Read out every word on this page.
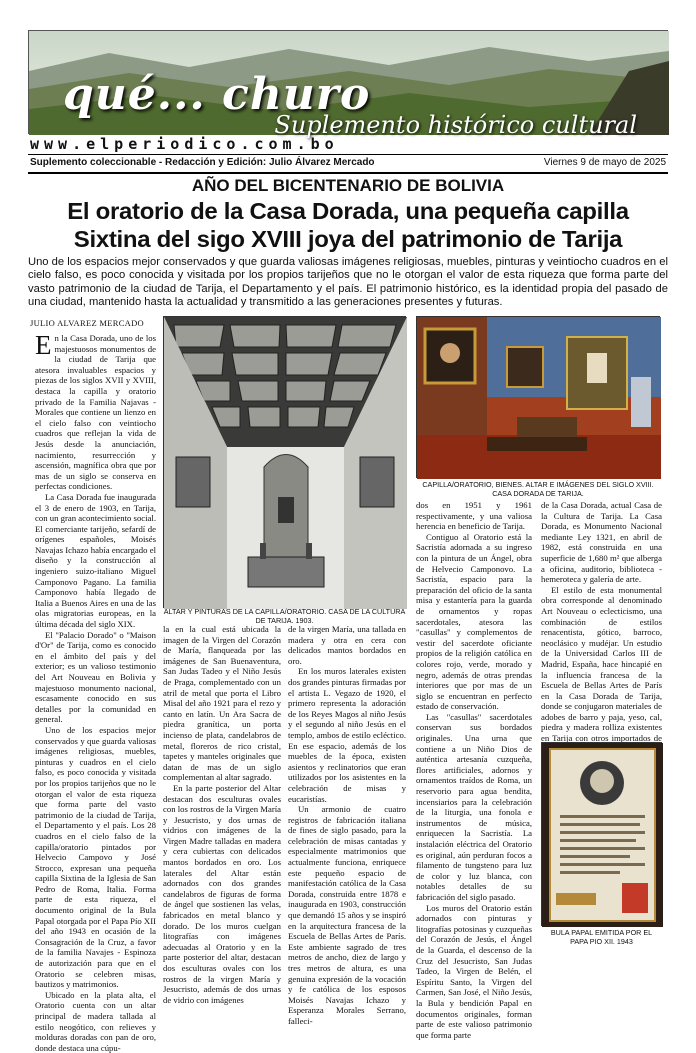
qué... churo
Suplemento histórico cultural
www.elperiodico.com.bo
Suplemento coleccionable - Redacción y Edición: Julio Álvarez Mercado	Viernes 9 de mayo de 2025
AÑO DEL BICENTENARIO DE BOLIVIA
El oratorio de la Casa Dorada, una pequeña capilla
Sixtina del sigo XVIII joya del patrimonio de Tarija
Uno de los espacios mejor conservados y que guarda valiosas imágenes religiosas, muebles, pinturas y veintiocho cuadros en el cielo falso, es poco conocida y visitada por los propios tarijeños que no le otorgan el valor de esta riqueza que forma parte del vasto patrimonio de la ciudad de Tarija, el Departamento y el país. El patrimonio histórico, es la identidad propia del pasado de una ciudad, mantenido hasta la actualidad y transmitido a las generaciones presentes y futuras.
JULIO ALVAREZ MERCADO

En la Casa Dorada, uno de los majestuosos monumentos de la ciudad de Tarija que atesora invaluables espacios y piezas de los siglos XVII y XVIII, destaca la capilla y oratorio privado de la Familia Najavas - Morales que contiene un lienzo en el cielo falso con veintiocho cuadros que reflejan la vida de Jesús desde la anunciación, nacimiento, resurrección y ascensión, magnífica obra que por mas de un siglo se conserva en perfectas condiciones.

La Casa Dorada fue inaugurada el 3 de enero de 1903, en Tarija, con un gran acontecimiento social. El comerciante tarijeño, sefardí de orígenes españoles, Moisés Navajas Ichazo había encargado el diseño y la construcción al ingeniero suizo-italiano Miguel Camponovo Pagano. La familia Camponovo había llegado de Italia a Buenos Aires en una de las olas migratorias europeas, en la última década del siglo XIX.

El "Palacio Dorado" o "Maison d'Or" de Tarija, como es conocido en el ámbito del país y del exterior; es un valioso testimonio del Art Nouveau en Bolivia y majestuoso monumento nacional, escasamente conocido en sus detalles por la comunidad en general.

Uno de los espacios mejor conservados y que guarda valiosas imágenes religiosas, muebles, pinturas y cuadros en el cielo falso, es poco conocida y visitada por los propios tarijeños que no le otorgan el valor de esta riqueza que forma parte del vasto patrimonio de la ciudad de Tarija, el Departamento y el país. Los 28 cuadros en el cielo falso de la capilla/oratorio pintados por Helvecio Campovo y José Strocco, expresan una pequeña capilla Sixtina de la Iglesia de San Pedro de Roma, Italia. Forma parte de esta riqueza, el documento original de la Bula Papal otorgada por el Papa Pío XII del año 1943 en ocasión de la Consagración de la Cruz, a favor de la familia Navajes - Espinoza de autorización para que en el Oratorio se celebren misas, bautizos y matrimonios.

Ubicado en la plata alta, el Oratorio cuenta con un altar principal de madera tallada al estilo neogótico, con relieves y molduras doradas con pan de oro, donde destaca una cúpu-

ALTAR Y PINTURAS DE LA CAPILLA/ORATORIO. CASA DE LA CULTURA DE TARIJA. 1903.
CAPILLA/ORATORIO, BIENES. ALTAR E IMÁGENES DEL SIGLO XVIII. CASA DORADA DE TARIJA.

la en la cual está ubicada la imagen de la Virgen del Corazón de María, flanqueada por las imágenes de San Buenaventura, San Judas Tadeo y el Niño Jesús de Praga, complementado con un atril de metal que porta el Libro Misal del año 1921 para el rezo y canto en latín. Un Ara Sacra de piedra granítica, un porta incienso de plata, candelabros de metal, floreros de rico cristal, tapetes y manteles originales que datan de mas de un siglo complementan al altar sagrado.

En la parte posterior del Altar destacan dos esculturas ovales con los rostros de la Virgen María y Jesucristo, y dos urnas de vidrios con imágenes de la Virgen Madre talladas en madera y cera cubiertas con delicados mantos bordados en oro. Los laterales del Altar están adornados con dos grandes candelabros de figuras de forma de ángel que sostienen las velas, fabricados en metal blanco y dorado. De los muros cuelgan litografías con imágenes adecuadas al Oratorio y en la parte posterior del altar, destacan dos esculturas ovales con los rostros de la virgen María y Jesucristo, además de dos urnas de vidrio con imágenes

de la virgen María, una tallada en madera y otra en cera con delicados mantos bordados en oro.

En los muros laterales existen dos grandes pinturas firmadas por el artista L. Vegazo de 1920, el primero representa la adoración de los Reyes Magos al niño Jesús y el segundo al niño Jesús en el templo, ambos de estilo ecléctico. En ese espacio, además de los muebles de la época, existen asientos y reclinatorios que eran utilizados por los asistentes en la celebración de misas y eucaristías.

Un armonio de cuatro registros de fabricación italiana de fines de siglo pasado, para la celebración de misas cantadas y especialmente matrimonios que actualmente funciona, enriquece este pequeño espacio de manifestación católica de la Casa Dorada, construida entre 1878 e inaugurada en 1903, construcción que demandó 15 años y se inspiró en la arquitectura francesa de la Escuela de Bellas Artes de París. Este ambiente sagrado de tres metros de ancho, diez de largo y tres metros de altura, es una genuina expresión de la vocación y fe católica de los esposos Moisés Navajas Ichazo y Esperanza Morales Serrano, falleci-

dos en 1951 y 1961 respectivamente, y una valiosa herencia en beneficio de Tarija.

Contiguo al Oratorio está la Sacristía adornada a su ingreso con la pintura de un Ángel, obra de Helvecio Camponovo. La Sacristía, espacio para la preparación del oficio de la santa misa y estantería para la guarda de ornamentos y ropas sacerdotales, atesora las "casullas" y complementos de vestir del sacerdote oficiante propios de la religión católica en colores rojo, verde, morado y negro, además de otras prendas interiores que por mas de un siglo se encuentran en perfecto estado de conservación.

Las "casullas" sacerdotales conservan sus bordados originales. Una urna que contiene a un Niño Dios de auténtica artesanía cuzqueña, flores artificiales, adornos y ornamentos traídos de Roma, un reservorio para agua bendita, incensiarios para la celebración de la liturgia, una fonola e instrumentos de música, enriquecen la Sacristía. La instalación eléctrica del Oratorio es original, aún perduran focos a filamento de tungsteno para luz de color y luz blanca, con notables detalles de su fabricación del siglo pasado.

Los muros del Oratorio están adornados con pinturas y litografías potosinas y cuzqueñas del Corazón de Jesús, el Ángel de la Guarda, el descenso de la Cruz del Jesucristo, San Judas Tadeo, la Virgen de Belén, el Espíritu Santo, la Virgen del Carmen, San José, el Niño Jesús, la Bula y bendición Papal en documentos originales, forman parte de este valioso patrimonio que forma parte

de la Casa Dorada, actual Casa de la Cultura de Tarija. La Casa Dorada, es Monumento Nacional mediante Ley 1321, en abril de 1982, está construida en una superficie de 1,680 m² que alberga a oficina, auditorio, biblioteca -hemeroteca y galería de arte.

El estilo de esta monumental obra corresponde al denominado Art Nouveau o eclecticismo, una combinación de estilos renacentista, gótico, barroco, neoclásico y mudéjar. Un estudio de la Universidad Carlos III de Madrid, España, hace hincapié en la influencia francesa de la Escuela de Bellas Artes de París en la Casa Dorada de Tarija, donde se conjugaron materiales de adobes de barro y paja, yeso, cal, piedra y madera rolliza existentes en Tarija con otros importados de

BULA PAPAL EMITIDA POR EL PAPA PIO XII. 1943
